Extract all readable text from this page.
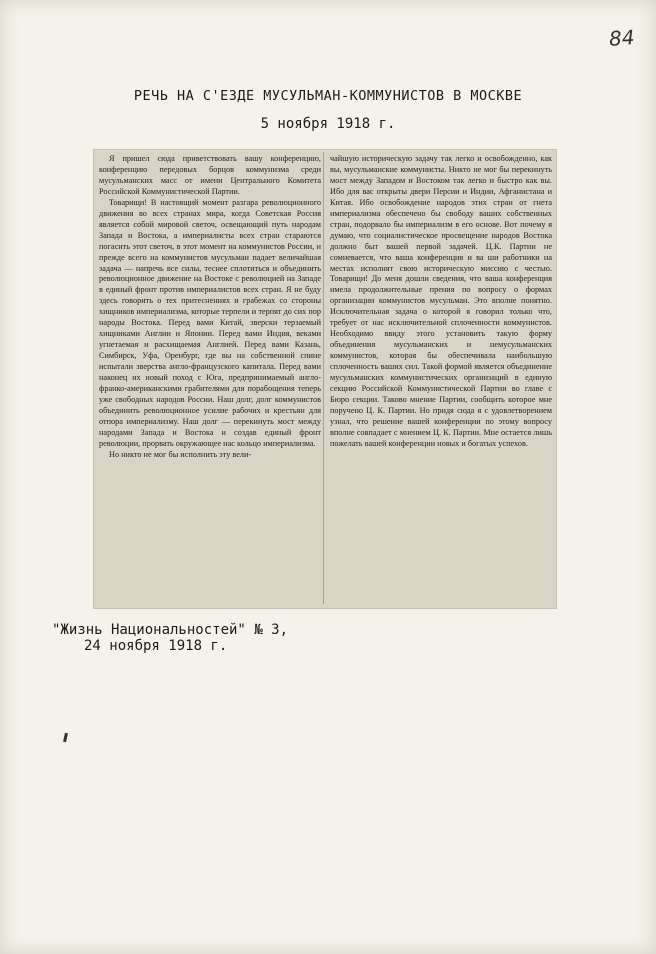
84
РЕЧЬ НА С'ЕЗДЕ МУСУЛЬМАН-КОММУНИСТОВ В МОСКВЕ
5 ноября 1918 г.

Я пришел сюда приветствовать вашу конференцию, конференцию передовых борцов коммунизма среди мусульманских масс от имени Центрального Комитета Российской Коммунистической Партии.

Товарищи! В настоящий момент разгара революционного движения во всех странах мира, когда Советская Россия является собой мировой светоч, освещающий путь народам Запада и Востока, а империалисты всех стран стараются погасить этот светоч, в этот момент на коммунистов России, и прежде всего на коммунистов мусульман падает величайшая задача — напречь все силы, теснее сплотиться и объединить революционное движение на Востоке с революцией на Западе в единый фронт против империалистов всех стран. Я не буду здесь говорить о тех притеснениях и грабежах со стороны хищников империализма, которые терпели и терпят до сих пор народы Востока. Перед вами Китай, зверски терзаемый хищниками Англии и Японии. Перед вами Индия, веками угнетаемая и расхищаемая Англией. Перед вами Казань, Симбирск, Уфа, Оренбург, где вы на собственной спине испытали зверства англо-французского капитала. Перед вами наконец их новый поход с Юга, предпринимаемый англо-франко-американскими грабителями для порабощения теперь уже свободных народов России. Наш долг, долг коммунистов объединить революционное усилие рабочих и крестьян для отпора империализму. Наш долг — перекинуть мост между народами Запада и Востока и создав единый фронт революции, прорвать окружающее нас кольцо империализма.

Но никто не мог бы исполнить эту вели-

чайшую историческую задачу так легко и освобожденно, как вы, мусульманские коммунисты. Никто не мог бы перекинуть мост между Западом и Востоком так легко и быстро как вы. Ибо для вас открыты двери Персии и Индии, Афганистана и Китая. Ибо освобождение народов этих стран от гнета империализма обеспечено бы свободу ваших собственных стран, подорвало бы империализм в его основе. Вот почему я думаю, что социалистическое просвещение народов Востока должно быт вашей первой задачей. Ц.К. Партии не сомневается, что ваша конференция и ва ши работники на местах исполнят свою историческую миссию с честью. Товарищи! До меня дошли сведения, что ваша конференция имела продолжительные прения по вопросу о формах организации коммунистов мусульман. Это вполне понятно. Исключительная задача о которой я говорил только что, требует от нас исключительной сплоченности коммунистов. Необходимо ввиду этого установить такую форму объединения мусульманских и немусульманских коммунистов, которая бы обеспечивала наибольшую сплоченность ваших сил. Такой формой является объединение мусульманских коммунистических организаций в единую секцию Российской Коммунистической Партии во главе с Бюро секции. Таково мнение Партии, сообщить которое мне поручено Ц. К. Партии. Но придя сюда я с удовлетворением узнал, что решение вашей конференции по этому вопросу вполне совпадает с мнением Ц. К. Партии. Мне остается лишь пожелать вашей конференции новых и богатых успехов.

"Жизнь Национальностей" № 3,
24 ноября 1918 г.
